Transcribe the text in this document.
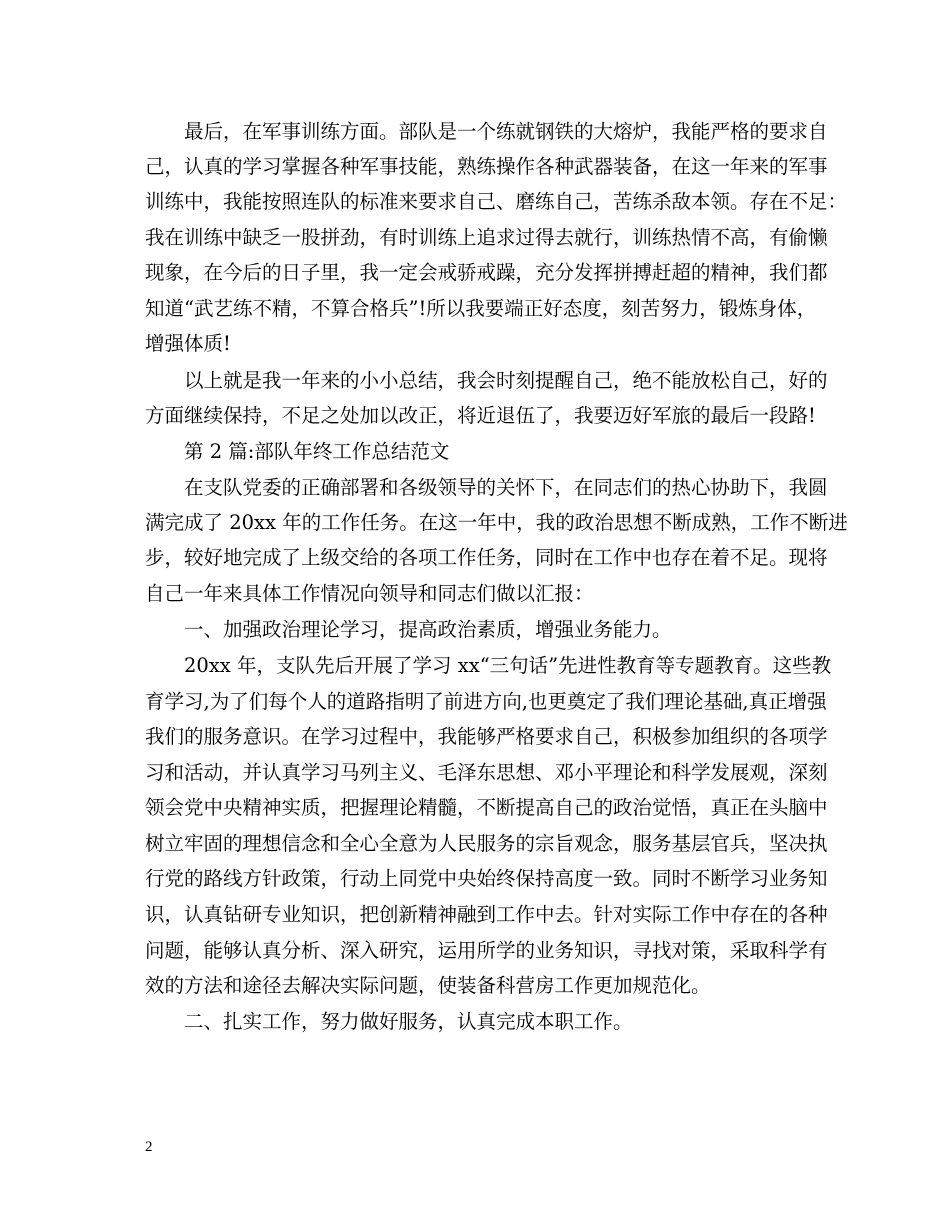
　　最后，在军事训练方面。部队是一个练就钢铁的大熔炉，我能严格的要求自

己，认真的学习掌握各种军事技能，熟练操作各种武器装备，在这一年来的军事

训练中，我能按照连队的标准来要求自己、磨练自己，苦练杀敌本领。存在不足：

我在训练中缺乏一股拼劲，有时训练上追求过得去就行，训练热情不高，有偷懒

现象，在今后的日子里，我一定会戒骄戒躁，充分发挥拼搏赶超的精神，我们都

知道“武艺练不精，不算合格兵”!所以我要端正好态度，刻苦努力，锻炼身体，

增强体质!

　　以上就是我一年来的小小总结，我会时刻提醒自己，绝不能放松自己，好的

方面继续保持，不足之处加以改正，将近退伍了，我要迈好军旅的最后一段路!

　　第 2 篇:部队年终工作总结范文

　　在支队党委的正确部署和各级领导的关怀下，在同志们的热心协助下，我圆

满完成了 20xx 年的工作任务。在这一年中，我的政治思想不断成熟，工作不断进

步，较好地完成了上级交给的各项工作任务，同时在工作中也存在着不足。现将

自己一年来具体工作情况向领导和同志们做以汇报：

　　一、加强政治理论学习，提高政治素质，增强业务能力。

　　20xx 年，支队先后开展了学习 xx“三句话”先进性教育等专题教育。这些教

育学习,为了们每个人的道路指明了前进方向,也更奠定了我们理论基础,真正增强

我们的服务意识。在学习过程中，我能够严格要求自己，积极参加组织的各项学

习和活动，并认真学习马列主义、毛泽东思想、邓小平理论和科学发展观，深刻

领会党中央精神实质，把握理论精髓，不断提高自己的政治觉悟，真正在头脑中

树立牢固的理想信念和全心全意为人民服务的宗旨观念，服务基层官兵，坚决执

行党的路线方针政策，行动上同党中央始终保持高度一致。同时不断学习业务知

识，认真钻研专业知识，把创新精神融到工作中去。针对实际工作中存在的各种

问题，能够认真分析、深入研究，运用所学的业务知识，寻找对策，采取科学有

效的方法和途径去解决实际问题，使装备科营房工作更加规范化。

　　二、扎实工作，努力做好服务，认真完成本职工作。

2
